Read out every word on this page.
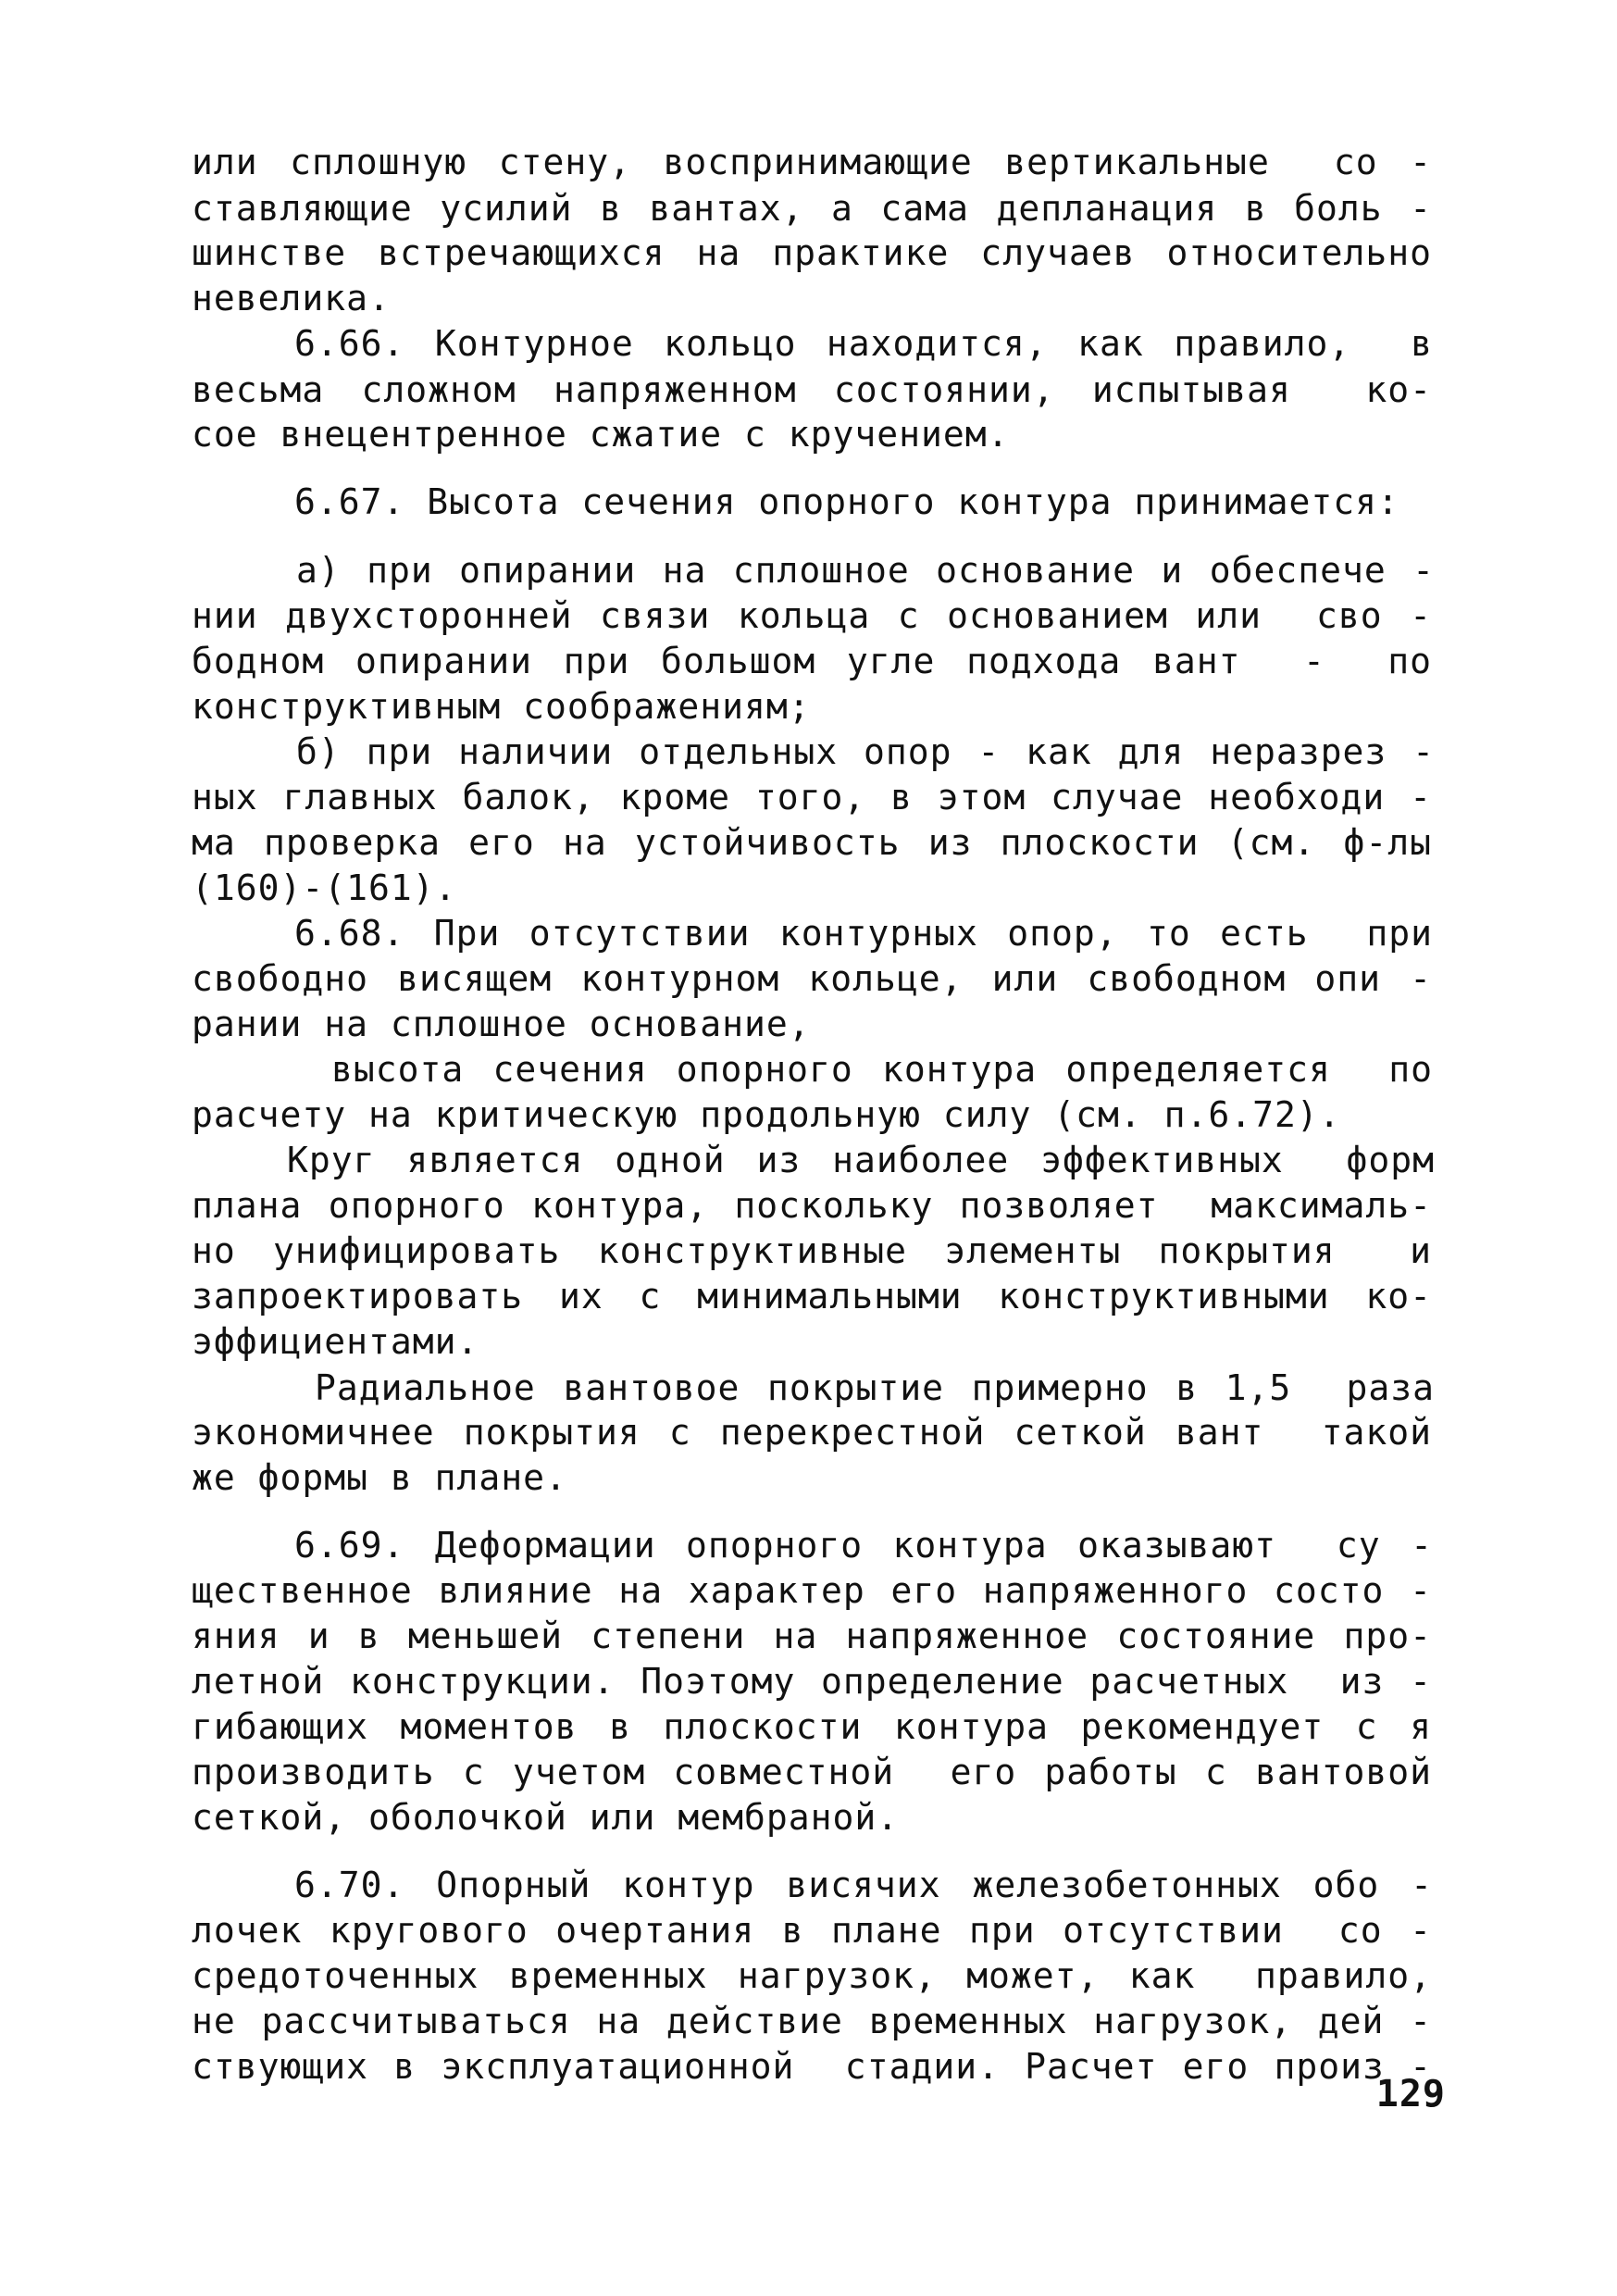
или сплошную стену, воспринимающие вертикальные  со -
ставляющие усилий в вантах, а сама депланация в боль -
шинстве встречающихся на практике случаев относительно
невелика.
6.66. Контурное кольцо находится, как правило,  в
весьма сложном напряженном состоянии, испытывая  ко-
сое внецентренное сжатие с кручением.
6.67. Высота сечения опорного контура принимается:
а) при опирании на сплошное основание и обеспече -
нии двухсторонней связи кольца с основанием или  сво -
бодном опирании при большом угле подхода вант  -  по
конструктивным соображениям;
б) при наличии отдельных опор - как для неразрез -
ных главных балок, кроме того, в этом случае необходи -
ма проверка его на устойчивость из плоскости (см. ф-лы
(160)-(161).
6.68. При отсутствии контурных опор, то есть  при
свободно висящем контурном кольце, или свободном опи -
рании на сплошное основание,
высота сечения опорного контура определяется  по
расчету на критическую продольную силу (см. п.6.72).
Круг является одной из наиболее эффективных  форм
плана опорного контура, поскольку позволяет  максималь-
но унифицировать конструктивные элементы покрытия  и
запроектировать их с минимальными конструктивными ко-
эффициентами.
Радиальное вантовое покрытие примерно в 1,5  раза
экономичнее покрытия с перекрестной сеткой вант  такой
же формы в плане.
6.69. Деформации опорного контура оказывают  су -
щественное влияние на характер его напряженного состо -
яния и в меньшей степени на напряженное состояние про-
летной конструкции. Поэтому определение расчетных  из -
гибающих моментов в плоскости контура рекомендует с я
производить с учетом совместной  его работы с вантовой
сеткой, оболочкой или мембраной.
6.70. Опорный контур висячих железобетонных обо -
лочек кругового очертания в плане при отсутствии  со -
средоточенных временных нагрузок, может, как  правило,
не рассчитываться на действие временных нагрузок, дей -
ствующих в эксплуатационной  стадии. Расчет его произ -
129
